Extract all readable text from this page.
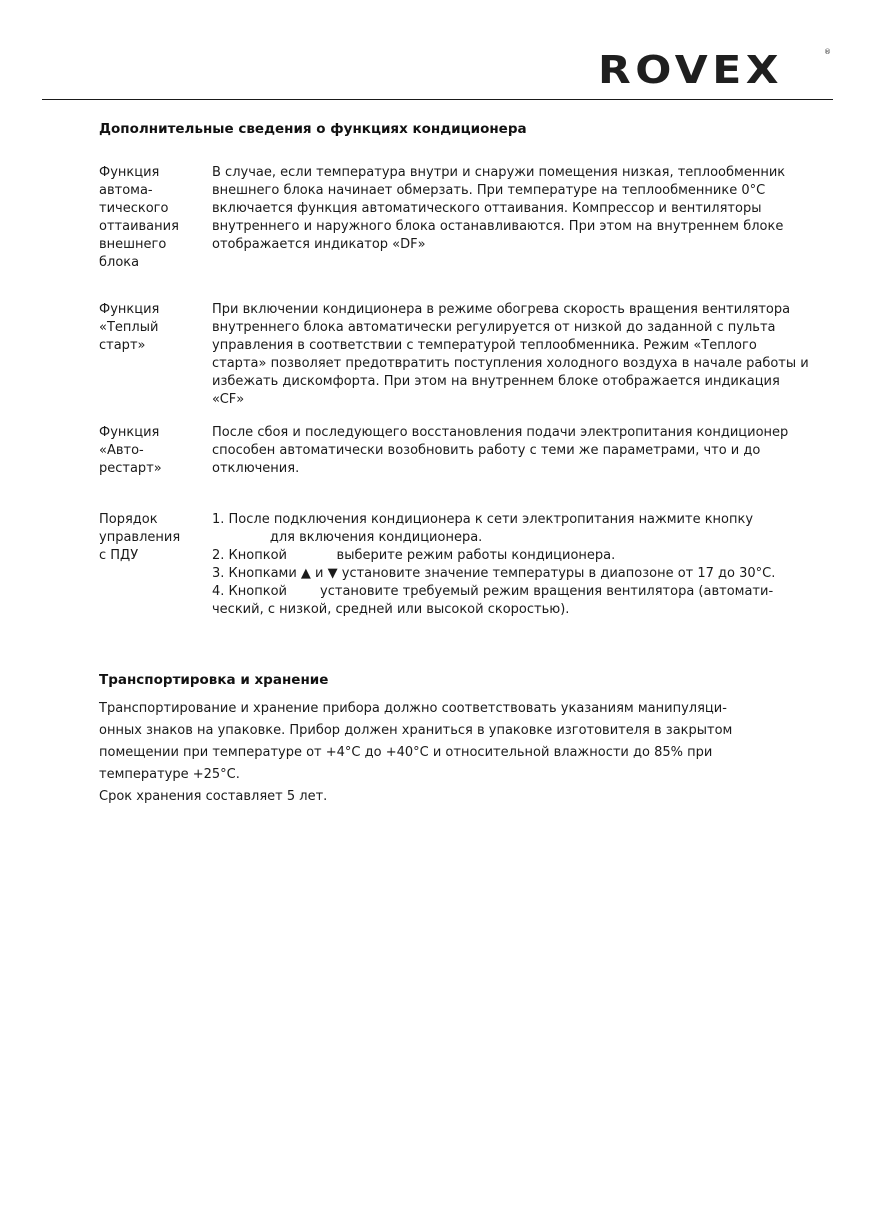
ROVEX	®
Дополнительные сведения о функциях кондиционера
Функция
автома-
тического
оттаивания
внешнего
блока
В случае, если температура внутри и снаружи помещения низкая, теплообменник
внешнего блока начинает обмерзать. При температуре на теплообменнике 0°С
включается функция автоматического оттаивания. Компрессор и вентиляторы
внутреннего и наружного блока останавливаются. При этом на внутреннем блоке
отображается индикатор «DF»
Функция
«Теплый
старт»
При включении кондиционера в режиме обогрева скорость вращения вентилятора
внутреннего блока автоматически регулируется от низкой до заданной с пульта
управления в соответствии с температурой теплообменника. Режим «Теплого
старта» позволяет предотвратить поступления холодного воздуха в начале работы и
избежать дискомфорта. При этом на внутреннем блоке отображается индикация
«CF»
Функция
«Авто-
рестарт»
После сбоя и последующего восстановления подачи электропитания кондиционер
способен автоматически возобновить работу с теми же параметрами, что и до
отключения.
Порядок
управления
с ПДУ
1. После подключения кондиционера к сети электропитания нажмите кнопку
для включения кондиционера.
2. Кнопкой            выберите режим работы кондиционера.
3. Кнопками ▲ и ▼ установите значение температуры в диапозоне от 17 до 30°С.
4. Кнопкой        установите требуемый режим вращения вентилятора (автомати-
ческий, с низкой, средней или высокой скоростью).
Транспортировка и хранение
Транспортирование и хранение прибора должно соответствовать указаниям манипуляци-
онных знаков на упаковке. Прибор должен храниться в упаковке изготовителя в закрытом
помещении при температуре от +4°С до +40°С и относительной влажности до 85% при
температуре +25°С.
Срок хранения составляет 5 лет.
